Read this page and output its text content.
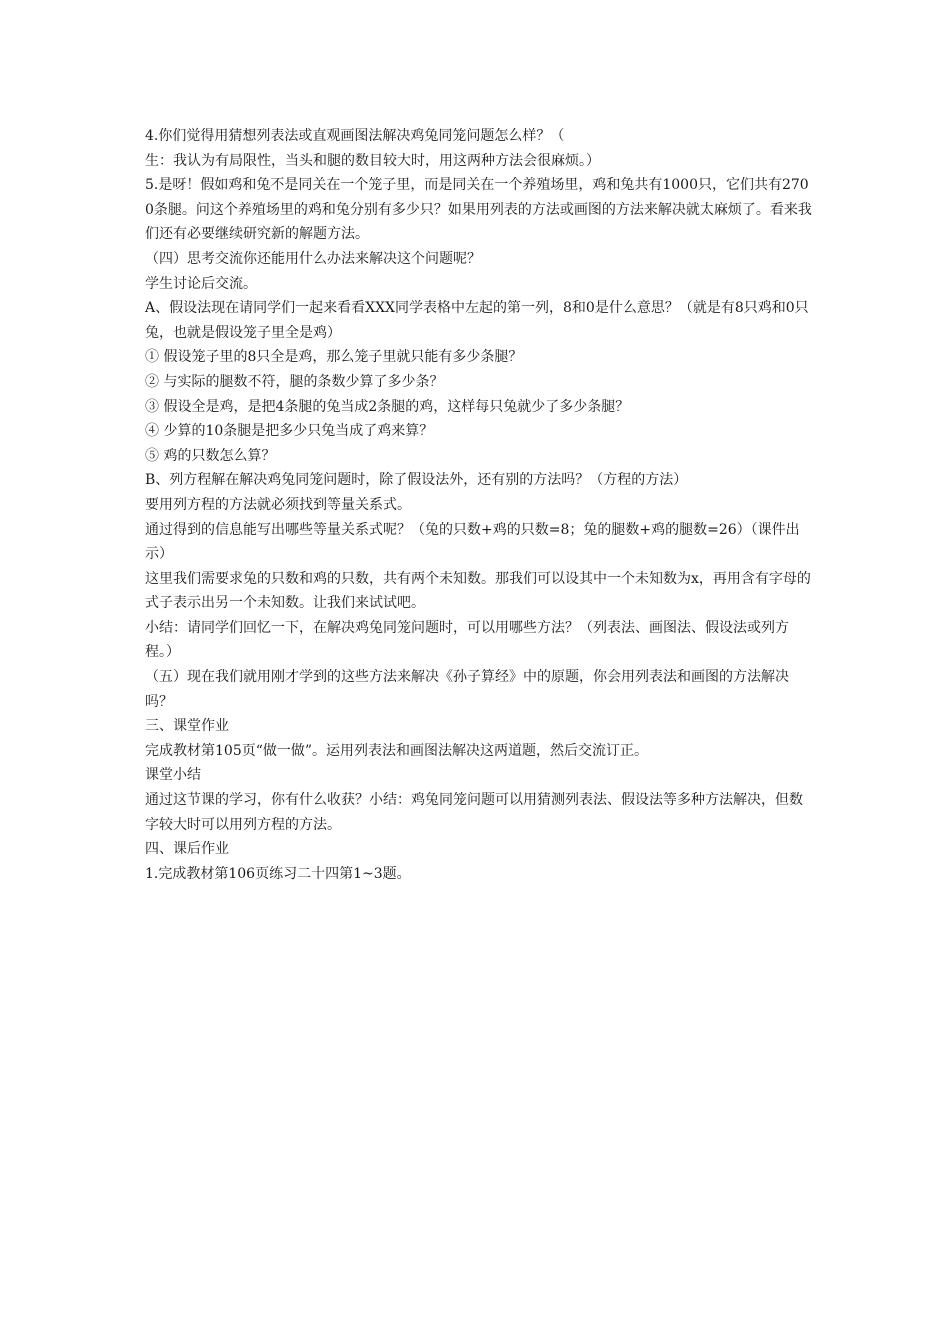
4.你们觉得用猜想列表法或直观画图法解决鸡兔同笼问题怎么样？（

生：我认为有局限性，当头和腿的数目较大时，用这两种方法会很麻烦。）

5.是呀！假如鸡和兔不是同关在一个笼子里，而是同关在一个养殖场里，鸡和兔共有1000只，它们共有2700条腿。问这个养殖场里的鸡和兔分别有多少只？如果用列表的方法或画图的方法来解决就太麻烦了。看来我们还有必要继续研究新的解题方法。

（四）思考交流你还能用什么办法来解决这个问题呢？

学生讨论后交流。

A、假设法现在请同学们一起来看看XXX同学表格中左起的第一列，8和0是什么意思？（就是有8只鸡和0只兔，也就是假设笼子里全是鸡）

① 假设笼子里的8只全是鸡，那么笼子里就只能有多少条腿？

② 与实际的腿数不符，腿的条数少算了多少条？

③ 假设全是鸡，是把4条腿的兔当成2条腿的鸡，这样每只兔就少了多少条腿？

④ 少算的10条腿是把多少只兔当成了鸡来算？

⑤ 鸡的只数怎么算？

B、列方程解在解决鸡兔同笼问题时，除了假设法外，还有别的方法吗？（方程的方法）

要用列方程的方法就必须找到等量关系式。

通过得到的信息能写出哪些等量关系式呢？（兔的只数+鸡的只数=8；兔的腿数+鸡的腿数=26）（课件出示）

这里我们需要求兔的只数和鸡的只数，共有两个未知数。那我们可以设其中一个未知数为x，再用含有字母的式子表示出另一个未知数。让我们来试试吧。

小结：请同学们回忆一下，在解决鸡兔同笼问题时，可以用哪些方法？（列表法、画图法、假设法或列方程。）

（五）现在我们就用刚才学到的这些方法来解决《孙子算经》中的原题，你会用列表法和画图的方法解决吗？

三、课堂作业

完成教材第105页“做一做”。运用列表法和画图法解决这两道题，然后交流订正。

课堂小结

通过这节课的学习，你有什么收获？小结：鸡兔同笼问题可以用猜测列表法、假设法等多种方法解决，但数字较大时可以用列方程的方法。

四、课后作业

1.完成教材第106页练习二十四第1~3题。
